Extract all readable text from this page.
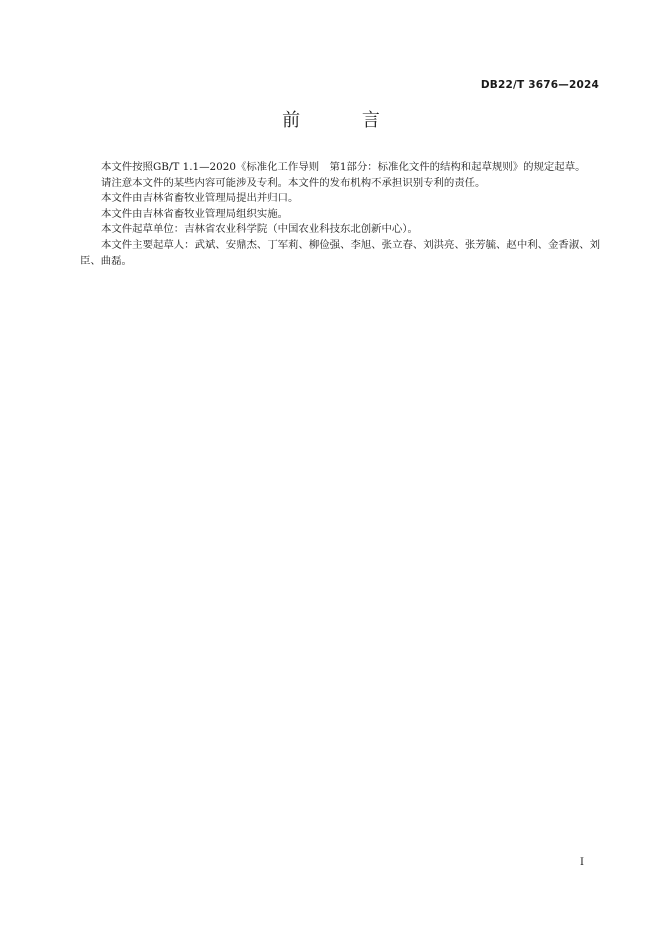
DB22/T 3676—2024
前 言

本文件按照GB/T 1.1—2020《标准化工作导则　第1部分：标准化文件的结构和起草规则》的规定起草。

请注意本文件的某些内容可能涉及专利。本文件的发布机构不承担识别专利的责任。

本文件由吉林省畜牧业管理局提出并归口。

本文件由吉林省畜牧业管理局组织实施。

本文件起草单位：吉林省农业科学院（中国农业科技东北创新中心）。

本文件主要起草人：武斌、安鼎杰、丁军莉、柳俭强、李旭、张立春、刘洪亮、张芳毓、赵中利、金香淑、刘臣、曲磊。

I
